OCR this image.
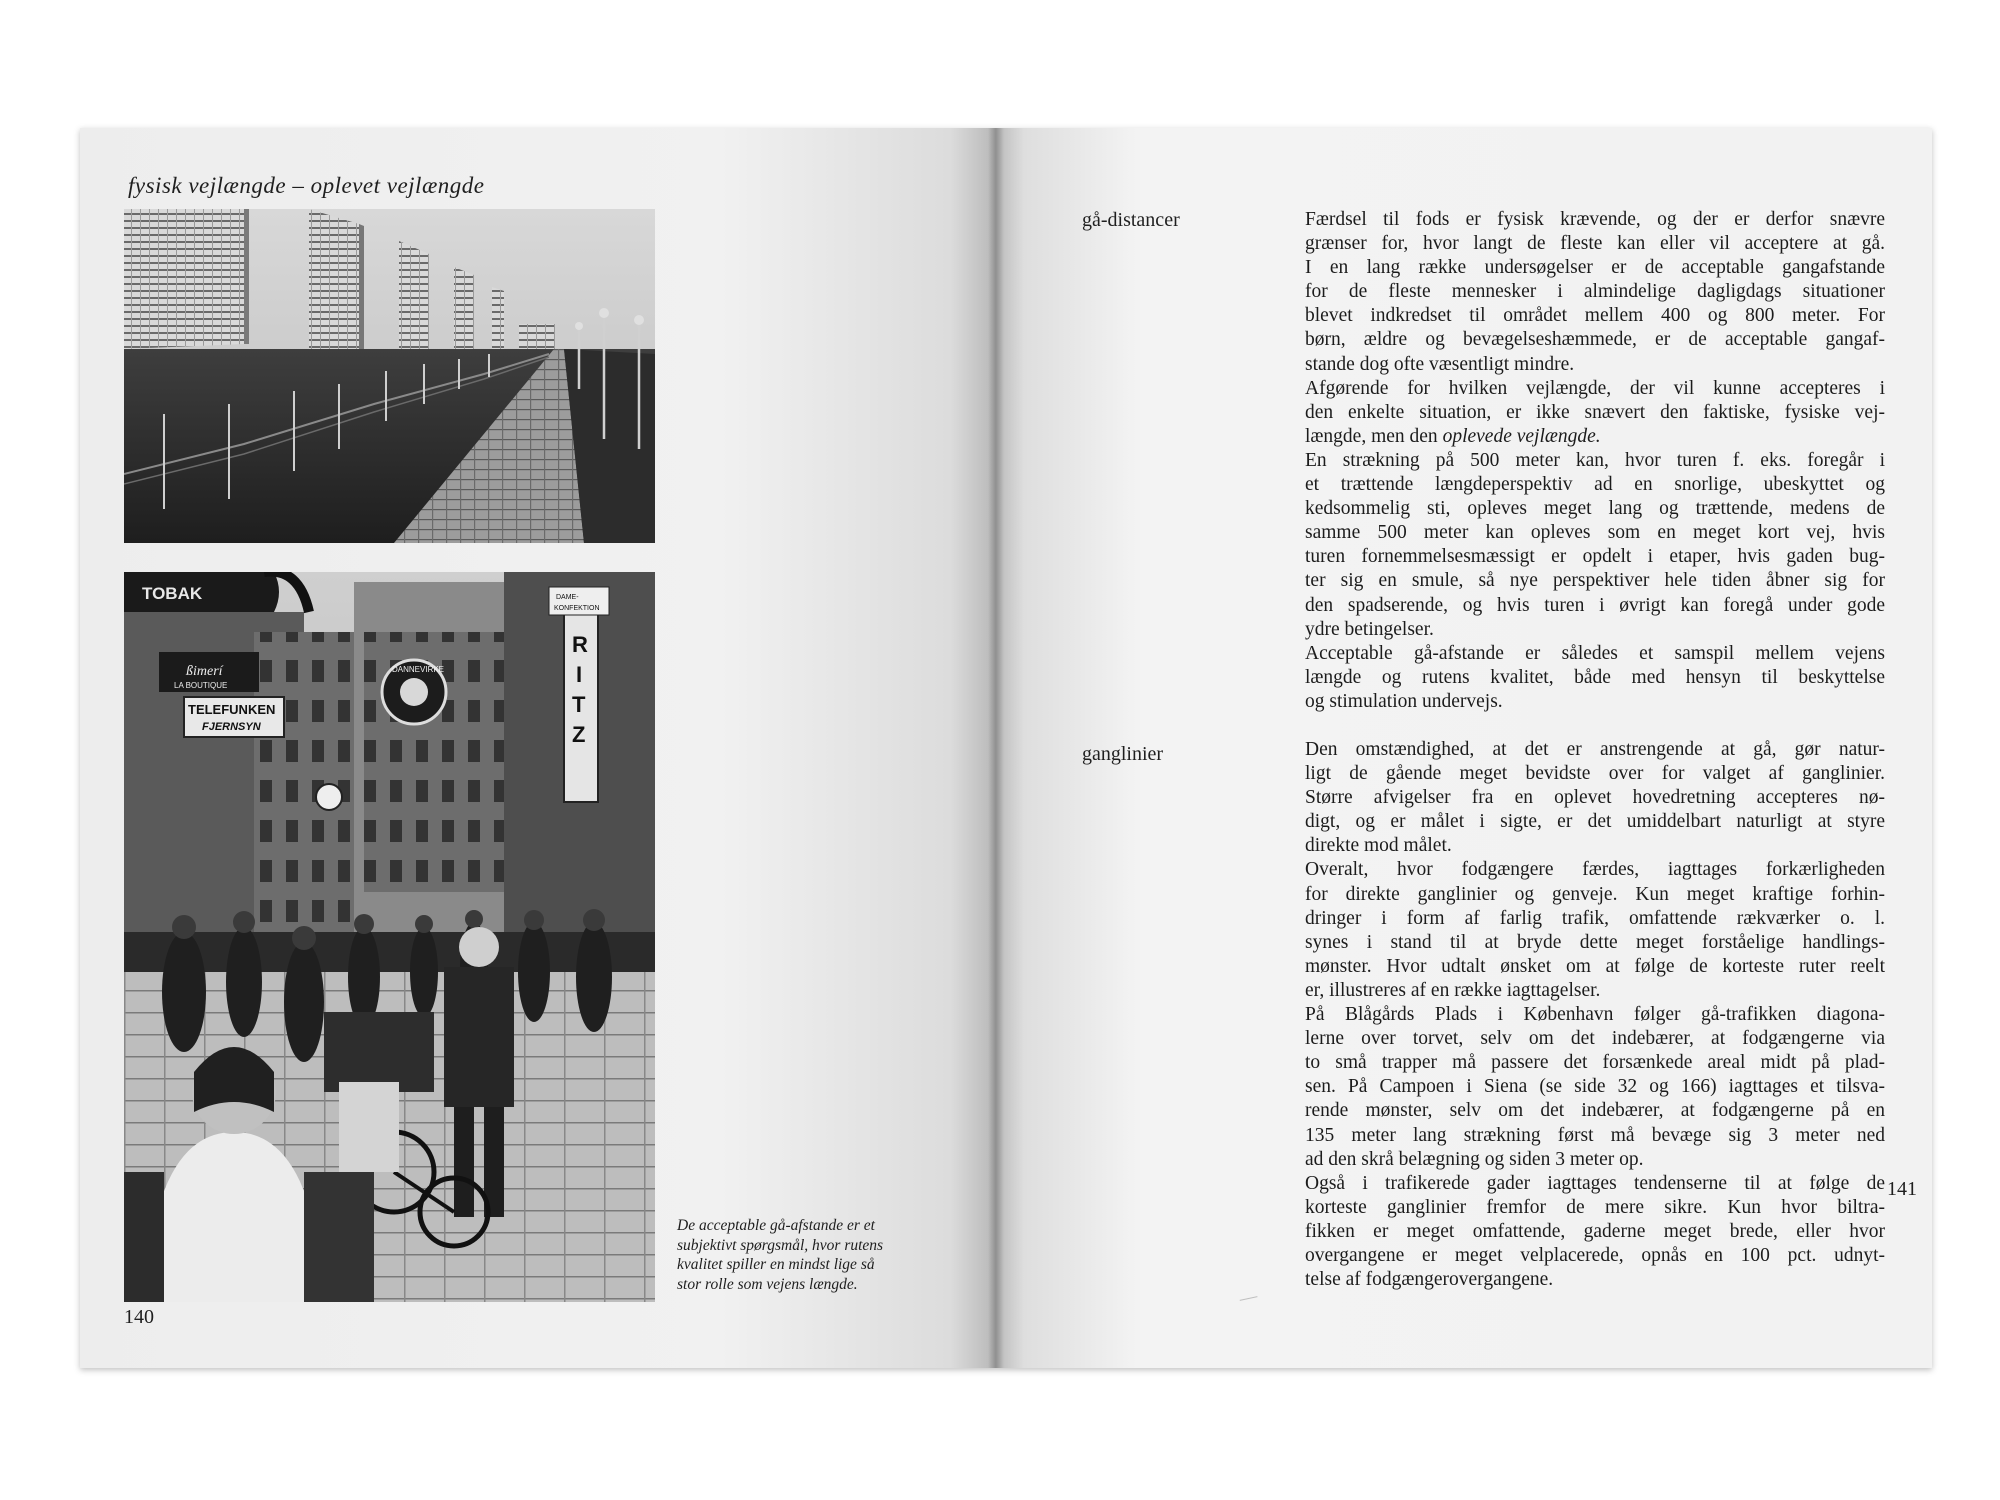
fysisk vejlængde – oplevet vejlængde
TOBAK
ßimerí
LA BOUTIQUE
TELEFUNKEN
FJERNSYN
DANNEVIRKE
R
I
T
Z
DAME-
KONFEKTION
De acceptable gå-afstande er et
subjektivt spørgsmål, hvor rutens
kvalitet spiller en mindst lige så
stor rolle som vejens længde.
140
gå-distancer	Færdsel til fods er fysisk krævende, og der er derfor snævre
grænser for, hvor langt de fleste kan eller vil acceptere at gå.
I en lang række undersøgelser er de acceptable gangafstande
for de fleste mennesker i almindelige dagligdags situationer
blevet indkredset til området mellem 400 og 800 meter. For
børn, ældre og bevægelseshæmmede, er de acceptable gangaf-
stande dog ofte væsentligt mindre.
Afgørende for hvilken vejlængde, der vil kunne accepteres i
den enkelte situation, er ikke snævert den faktiske, fysiske vej-
længde, men den oplevede vejlængde.
En strækning på 500 meter kan, hvor turen f. eks. foregår i
et trættende længdeperspektiv ad en snorlige, ubeskyttet og
kedsommelig sti, opleves meget lang og trættende, medens de
samme 500 meter kan opleves som en meget kort vej, hvis
turen fornemmelsesmæssigt er opdelt i etaper, hvis gaden bug-
ter sig en smule, så nye perspektiver hele tiden åbner sig for
den spadserende, og hvis turen i øvrigt kan foregå under gode
ydre betingelser.
Acceptable gå-afstande er således et samspil mellem vejens
længde og rutens kvalitet, både med hensyn til beskyttelse
og stimulation undervejs.
ganglinier	Den omstændighed, at det er anstrengende at gå, gør natur-
ligt de gående meget bevidste over for valget af ganglinier.
Større afvigelser fra en oplevet hovedretning accepteres nø-
digt, og er målet i sigte, er det umiddelbart naturligt at styre
direkte mod målet.
Overalt, hvor fodgængere færdes, iagttages forkærligheden
for direkte ganglinier og genveje. Kun meget kraftige forhin-
dringer i form af farlig trafik, omfattende rækværker o. l.
synes i stand til at bryde dette meget forståelige handlings-
mønster. Hvor udtalt ønsket om at følge de korteste ruter reelt
er, illustreres af en række iagttagelser.
På Blågårds Plads i København følger gå-trafikken diagona-
lerne over torvet, selv om det indebærer, at fodgængerne via
to små trapper må passere det forsænkede areal midt på plad-
sen. På Campoen i Siena (se side 32 og 166) iagttages et tilsva-
rende mønster, selv om det indebærer, at fodgængerne på en
135 meter lang strækning først må bevæge sig 3 meter ned
ad den skrå belægning og siden 3 meter op.
Også i trafikerede gader iagttages tendenserne til at følge de
korteste ganglinier fremfor de mere sikre. Kun hvor biltra-
fikken er meget omfattende, gaderne meget brede, eller hvor
overgangene er meget velplacerede, opnås en 100 pct. udnyt-
telse af fodgængerovergangene.
141
